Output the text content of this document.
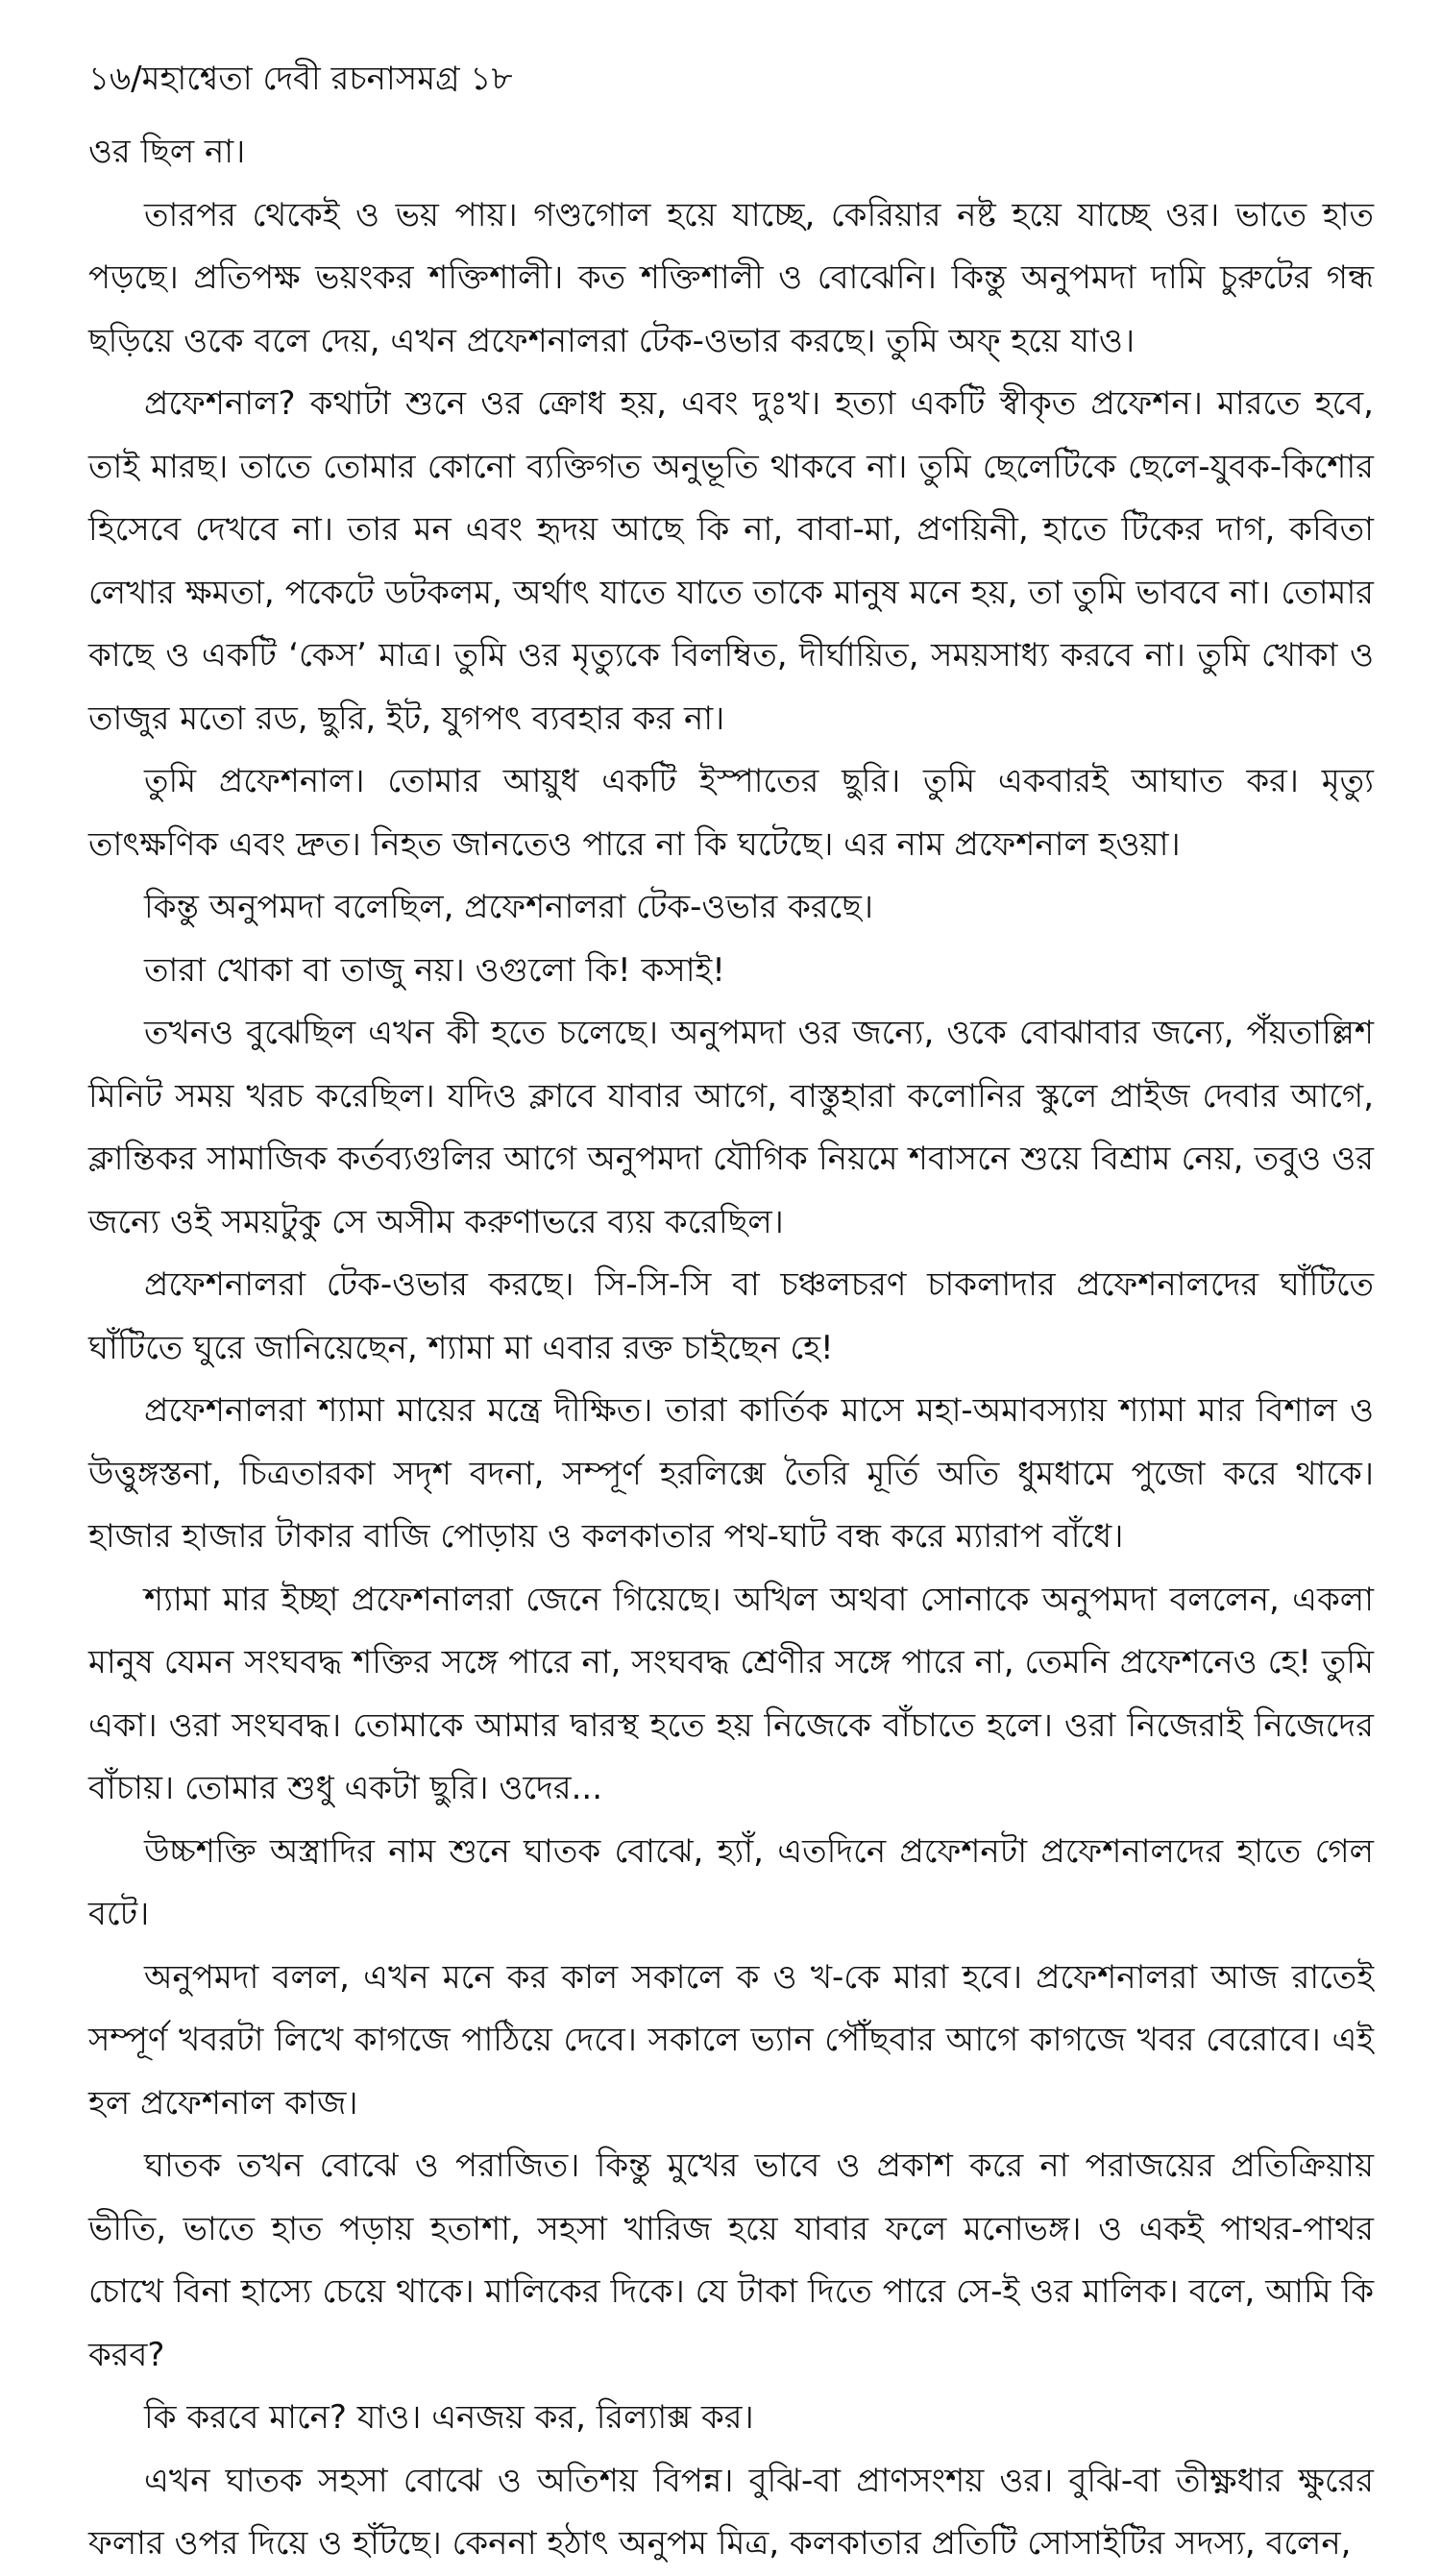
১৬/মহাশ্বেতা দেবী রচনাসমগ্র ১৮

ওর ছিল না।

তারপর থেকেই ও ভয় পায়। গণ্ডগোল হয়ে যাচ্ছে, কেরিয়ার নষ্ট হয়ে যাচ্ছে ওর। ভাতে হাত পড়ছে। প্রতিপক্ষ ভয়ংকর শক্তিশালী। কত শক্তিশালী ও বোঝেনি। কিন্তু অনুপমদা দামি চুরুটের গন্ধ ছড়িয়ে ওকে বলে দেয়, এখন প্রফেশনালরা টেক-ওভার করছে। তুমি অফ্ হয়ে যাও।

প্রফেশনাল? কথাটা শুনে ওর ক্রোধ হয়, এবং দুঃখ। হত্যা একটি স্বীকৃত প্রফেশন। মারতে হবে, তাই মারছ। তাতে তোমার কোনো ব্যক্তিগত অনুভূতি থাকবে না। তুমি ছেলেটিকে ছেলে-যুবক-কিশোর হিসেবে দেখবে না। তার মন এবং হৃদয় আছে কি না, বাবা-মা, প্রণয়িনী, হাতে টিকের দাগ, কবিতা লেখার ক্ষমতা, পকেটে ডটকলম, অর্থাৎ যাতে যাতে তাকে মানুষ মনে হয়, তা তুমি ভাববে না। তোমার কাছে ও একটি ‘কেস’ মাত্র। তুমি ওর মৃত্যুকে বিলম্বিত, দীর্ঘায়িত, সময়সাধ্য করবে না। তুমি খোকা ও তাজুর মতো রড, ছুরি, ইট, যুগপৎ ব্যবহার কর না।

তুমি প্রফেশনাল। তোমার আয়ুধ একটি ইস্পাতের ছুরি। তুমি একবারই আঘাত কর। মৃত্যু তাৎক্ষণিক এবং দ্রুত। নিহত জানতেও পারে না কি ঘটেছে। এর নাম প্রফেশনাল হওয়া।

কিন্তু অনুপমদা বলেছিল, প্রফেশনালরা টেক-ওভার করছে।

তারা খোকা বা তাজু নয়। ওগুলো কি! কসাই!

তখনও বুঝেছিল এখন কী হতে চলেছে। অনুপমদা ওর জন্যে, ওকে বোঝাবার জন্যে, পঁয়তাল্লিশ মিনিট সময় খরচ করেছিল। যদিও ক্লাবে যাবার আগে, বাস্তুহারা কলোনির স্কুলে প্রাইজ দেবার আগে, ক্লান্তিকর সামাজিক কর্তব্যগুলির আগে অনুপমদা যৌগিক নিয়মে শবাসনে শুয়ে বিশ্রাম নেয়, তবুও ওর জন্যে ওই সময়টুকু সে অসীম করুণাভরে ব্যয় করেছিল।

প্রফেশনালরা টেক-ওভার করছে। সি-সি-সি বা চঞ্চলচরণ চাকলাদার প্রফেশনালদের ঘাঁটিতে ঘাঁটিতে ঘুরে জানিয়েছেন, শ্যামা মা এবার রক্ত চাইছেন হে!

প্রফেশনালরা শ্যামা মায়ের মন্ত্রে দীক্ষিত। তারা কার্তিক মাসে মহা-অমাবস্যায় শ্যামা মার বিশাল ও উত্তুঙ্গস্তনা, চিত্রতারকা সদৃশ বদনা, সম্পূর্ণ হরলিক্সে তৈরি মূর্তি অতি ধুমধামে পুজো করে থাকে। হাজার হাজার টাকার বাজি পোড়ায় ও কলকাতার পথ-ঘাট বন্ধ করে ম্যারাপ বাঁধে।

শ্যামা মার ইচ্ছা প্রফেশনালরা জেনে গিয়েছে। অখিল অথবা সোনাকে অনুপমদা বললেন, একলা মানুষ যেমন সংঘবদ্ধ শক্তির সঙ্গে পারে না, সংঘবদ্ধ শ্রেণীর সঙ্গে পারে না, তেমনি প্রফেশনেও হে! তুমি একা। ওরা সংঘবদ্ধ। তোমাকে আমার দ্বারস্থ হতে হয় নিজেকে বাঁচাতে হলে। ওরা নিজেরাই নিজেদের বাঁচায়। তোমার শুধু একটা ছুরি। ওদের...

উচ্চশক্তি অস্ত্রাদির নাম শুনে ঘাতক বোঝে, হ্যাঁ, এতদিনে প্রফেশনটা প্রফেশনালদের হাতে গেল বটে।

অনুপমদা বলল, এখন মনে কর কাল সকালে ক ও খ-কে মারা হবে। প্রফেশনালরা আজ রাতেই সম্পূর্ণ খবরটা লিখে কাগজে পাঠিয়ে দেবে। সকালে ভ্যান পৌঁছবার আগে কাগজে খবর বেরোবে। এই হল প্রফেশনাল কাজ।

ঘাতক তখন বোঝে ও পরাজিত। কিন্তু মুখের ভাবে ও প্রকাশ করে না পরাজয়ের প্রতিক্রিয়ায় ভীতি, ভাতে হাত পড়ায় হতাশা, সহসা খারিজ হয়ে যাবার ফলে মনোভঙ্গ। ও একই পাথর-পাথর চোখে বিনা হাস্যে চেয়ে থাকে। মালিকের দিকে। যে টাকা দিতে পারে সে-ই ওর মালিক। বলে, আমি কি করব?

কি করবে মানে? যাও। এনজয় কর, রিল্যাক্স কর।

এখন ঘাতক সহসা বোঝে ও অতিশয় বিপন্ন। বুঝি-বা প্রাণসংশয় ওর। বুঝি-বা তীক্ষ্ণধার ক্ষুরের ফলার ওপর দিয়ে ও হাঁটছে। কেননা হঠাৎ অনুপম মিত্র, কলকাতার প্রতিটি সোসাইটির সদস্য, বলেন,
